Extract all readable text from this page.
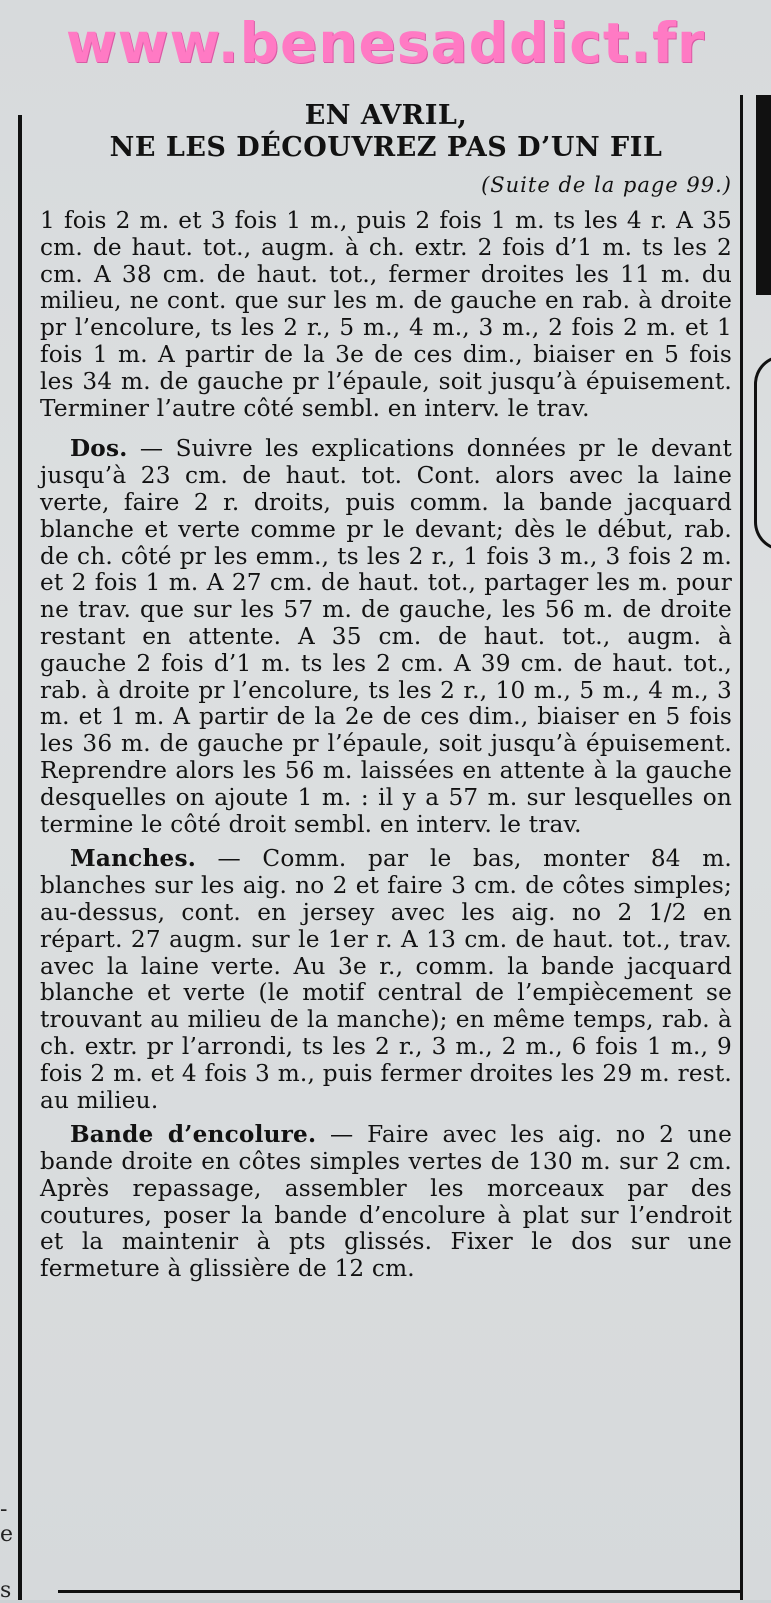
www.benesaddict.fr
-
e
s
EN AVRIL,
NE LES DÉCOUVREZ PAS D’UN FIL
(Suite de la page 99.)

1 fois 2 m. et 3 fois 1 m., puis 2 fois 1 m. ts les 4 r. A 35 cm. de haut. tot., augm. à ch. extr. 2 fois d’1 m. ts les 2 cm. A 38 cm. de haut. tot., fermer droites les 11 m. du milieu, ne cont. que sur les m. de gauche en rab. à droite pr l’encolure, ts les 2 r., 5 m., 4 m., 3 m., 2 fois 2 m. et 1 fois 1 m. A partir de la 3e de ces dim., biaiser en 5 fois les 34 m. de gauche pr l’épaule, soit jusqu’à épuisement. Terminer l’autre côté sembl. en interv. le trav.

Dos. — Suivre les explications données pr le devant jusqu’à 23 cm. de haut. tot. Cont. alors avec la laine verte, faire 2 r. droits, puis comm. la bande jacquard blanche et verte comme pr le devant; dès le début, rab. de ch. côté pr les emm., ts les 2 r., 1 fois 3 m., 3 fois 2 m. et 2 fois 1 m. A 27 cm. de haut. tot., partager les m. pour ne trav. que sur les 57 m. de gauche, les 56 m. de droite restant en attente. A 35 cm. de haut. tot., augm. à gauche 2 fois d’1 m. ts les 2 cm. A 39 cm. de haut. tot., rab. à droite pr l’encolure, ts les 2 r., 10 m., 5 m., 4 m., 3 m. et 1 m. A partir de la 2e de ces dim., biaiser en 5 fois les 36 m. de gauche pr l’épaule, soit jusqu’à épuisement. Reprendre alors les 56 m. laissées en attente à la gauche desquelles on ajoute 1 m. : il y a 57 m. sur lesquelles on termine le côté droit sembl. en interv. le trav.

Manches. — Comm. par le bas, monter 84 m. blanches sur les aig. no 2 et faire 3 cm. de côtes simples; au-dessus, cont. en jersey avec les aig. no 2 1/2 en répart. 27 augm. sur le 1er r. A 13 cm. de haut. tot., trav. avec la laine verte. Au 3e r., comm. la bande jacquard blanche et verte (le motif central de l’empiècement se trouvant au milieu de la manche); en même temps, rab. à ch. extr. pr l’arrondi, ts les 2 r., 3 m., 2 m., 6 fois 1 m., 9 fois 2 m. et 4 fois 3 m., puis fermer droites les 29 m. rest. au milieu.

Bande d’encolure. — Faire avec les aig. no 2 une bande droite en côtes simples vertes de 130 m. sur 2 cm. Après repassage, assembler les morceaux par des coutures, poser la bande d’encolure à plat sur l’endroit et la maintenir à pts glissés. Fixer le dos sur une fermeture à glissière de 12 cm.
